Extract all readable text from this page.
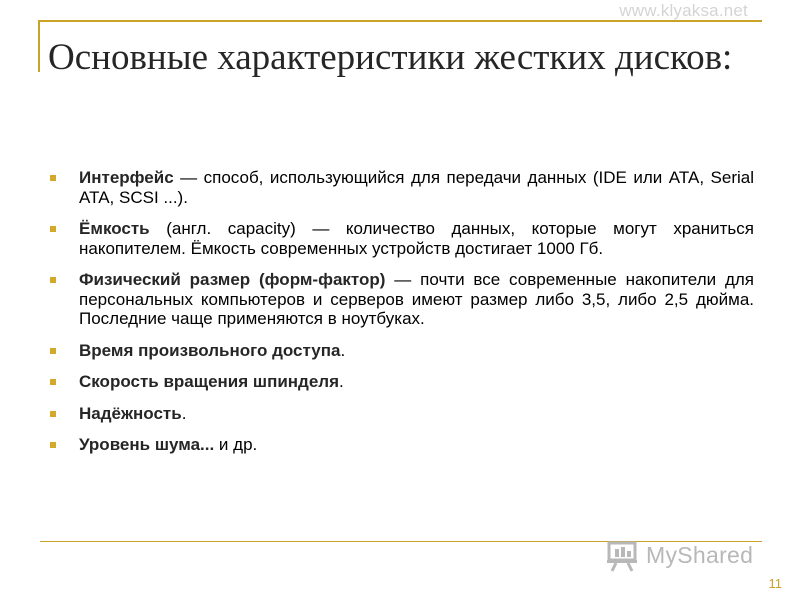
www.klyaksa.net
Основные характеристики жестких дисков:
Интерфейс — способ, использующийся для передачи данных (IDE или ATA, Serial ATA, SCSI ...).
Ёмкость (англ. capacity) — количество данных, которые могут храниться накопителем. Ёмкость современных устройств достигает 1000 Гб.
Физический размер (форм-фактор) — почти все современные накопители для персональных компьютеров и серверов имеют размер либо 3,5, либо 2,5 дюйма. Последние чаще применяются в ноутбуках.
Время произвольного доступа.
Скорость вращения шпинделя.
Надёжность.
Уровень шума... и др.
MyShared
11
